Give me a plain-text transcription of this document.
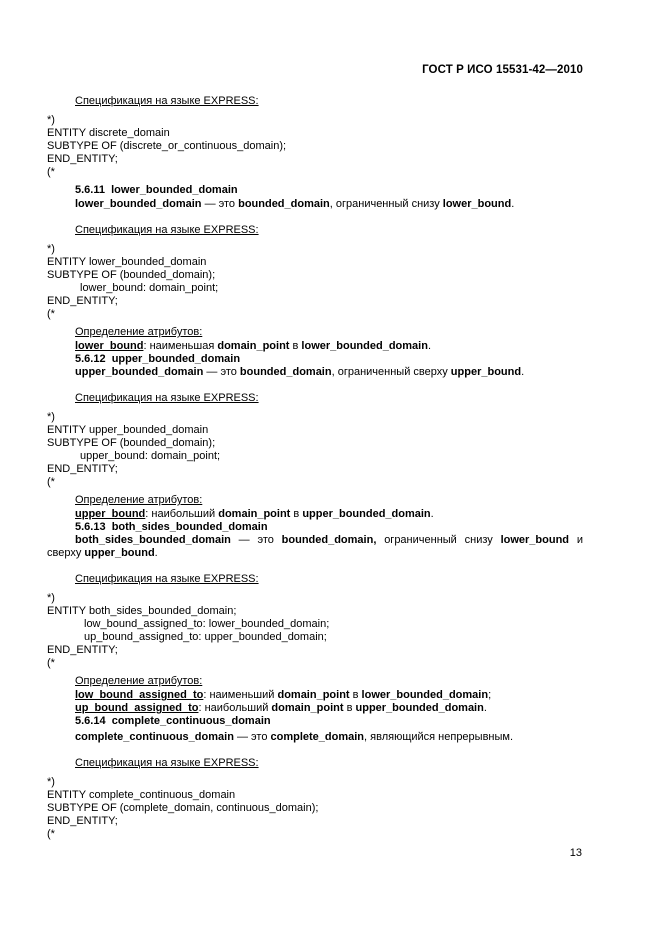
ГОСТ Р ИСО 15531-42—2010
Спецификация на языке EXPRESS:
*)
ENTITY discrete_domain
SUBTYPE OF (discrete_or_continuous_domain);
END_ENTITY;
(*
5.6.11  lower_bounded_domain
lower_bounded_domain — это bounded_domain, ограниченный снизу lower_bound.
Спецификация на языке EXPRESS:
*)
ENTITY lower_bounded_domain
SUBTYPE OF (bounded_domain);
lower_bound: domain_point;
END_ENTITY;
(*
Определение атрибутов:
lower_bound: наименьшая domain_point в lower_bounded_domain.
5.6.12  upper_bounded_domain
upper_bounded_domain — это bounded_domain, ограниченный сверху upper_bound.
Спецификация на языке EXPRESS:
*)
ENTITY upper_bounded_domain
SUBTYPE OF (bounded_domain);
upper_bound: domain_point;
END_ENTITY;
(*
Определение атрибутов:
upper_bound: наибольший domain_point в upper_bounded_domain.
5.6.13  both_sides_bounded_domain
both_sides_bounded_domain — это bounded_domain, ограниченный снизу lower_bound и
сверху upper_bound.
Спецификация на языке EXPRESS:
*)
ENTITY both_sides_bounded_domain;
low_bound_assigned_to: lower_bounded_domain;
up_bound_assigned_to: upper_bounded_domain;
END_ENTITY;
(*
Определение атрибутов:
low_bound_assigned_to: наименьший domain_point в lower_bounded_domain;
up_bound_assigned_to: наибольший domain_point в upper_bounded_domain.
5.6.14  complete_continuous_domain
complete_continuous_domain — это complete_domain, являющийся непрерывным.
Спецификация на языке EXPRESS:
*)
ENTITY complete_continuous_domain
SUBTYPE OF (complete_domain, continuous_domain);
END_ENTITY;
(*
13
